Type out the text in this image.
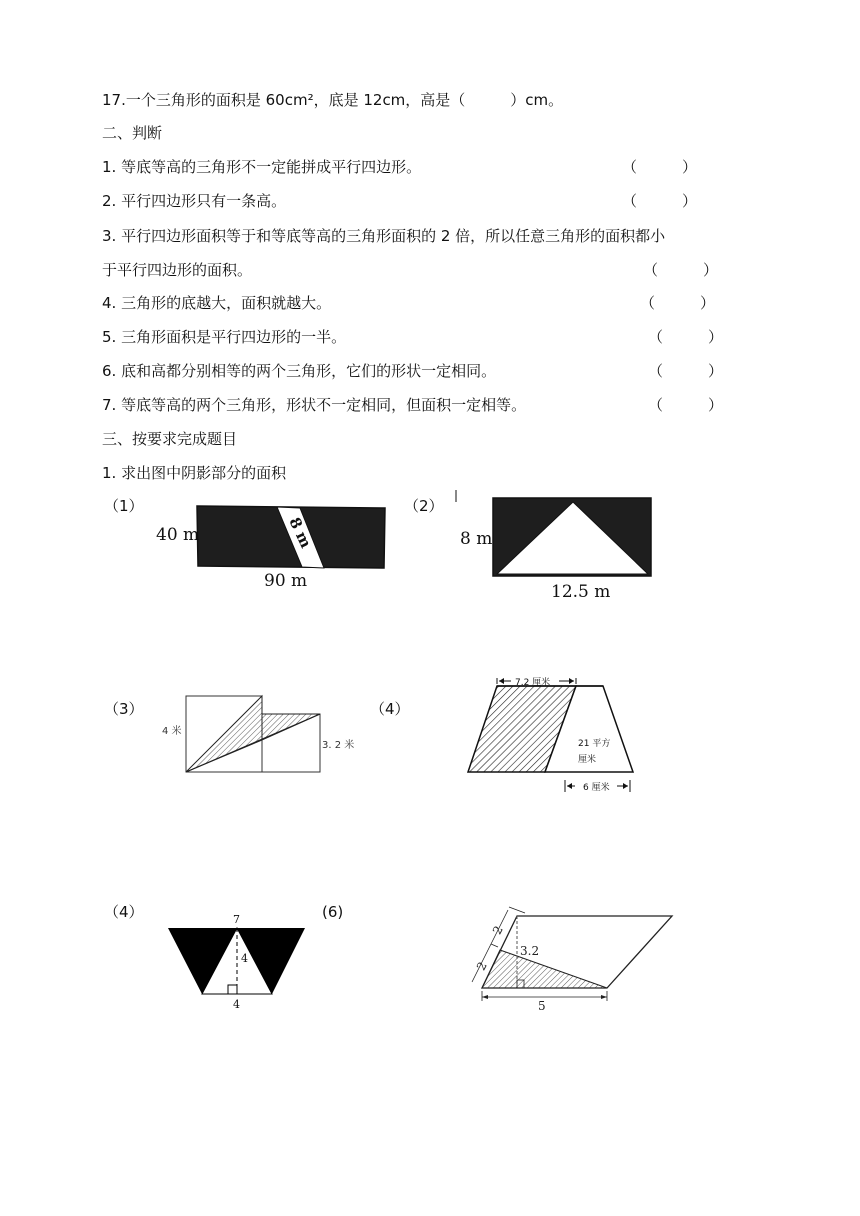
17.一个三角形的面积是 60cm²，底是 12cm，高是（　　　）cm。
二、判断
1. 等底等高的三角形不一定能拼成平行四边形。	（　　　）
2. 平行四边形只有一条高。	（　　　）
3. 平行四边形面积等于和等底等高的三角形面积的 2 倍，所以任意三角形的面积都小
于平行四边形的面积。	（　　　）
4. 三角形的底越大，面积就越大。	（　　　）
5. 三角形面积是平行四边形的一半。	（　　　）
6. 底和高都分别相等的两个三角形，它们的形状一定相同。	（　　　）
7. 等底等高的两个三角形，形状不一定相同，但面积一定相等。	（　　　）
三、按要求完成题目
1. 求出图中阴影部分的面积
（1）	（2）
（3）	（4）
（4）	(6)
8 m
40 m
90 m
8 m
12.5 m
4 米
3. 2 米
7.2 厘米
21 平方
厘米
6 厘米
7
4
4
2
2
3.2
5
